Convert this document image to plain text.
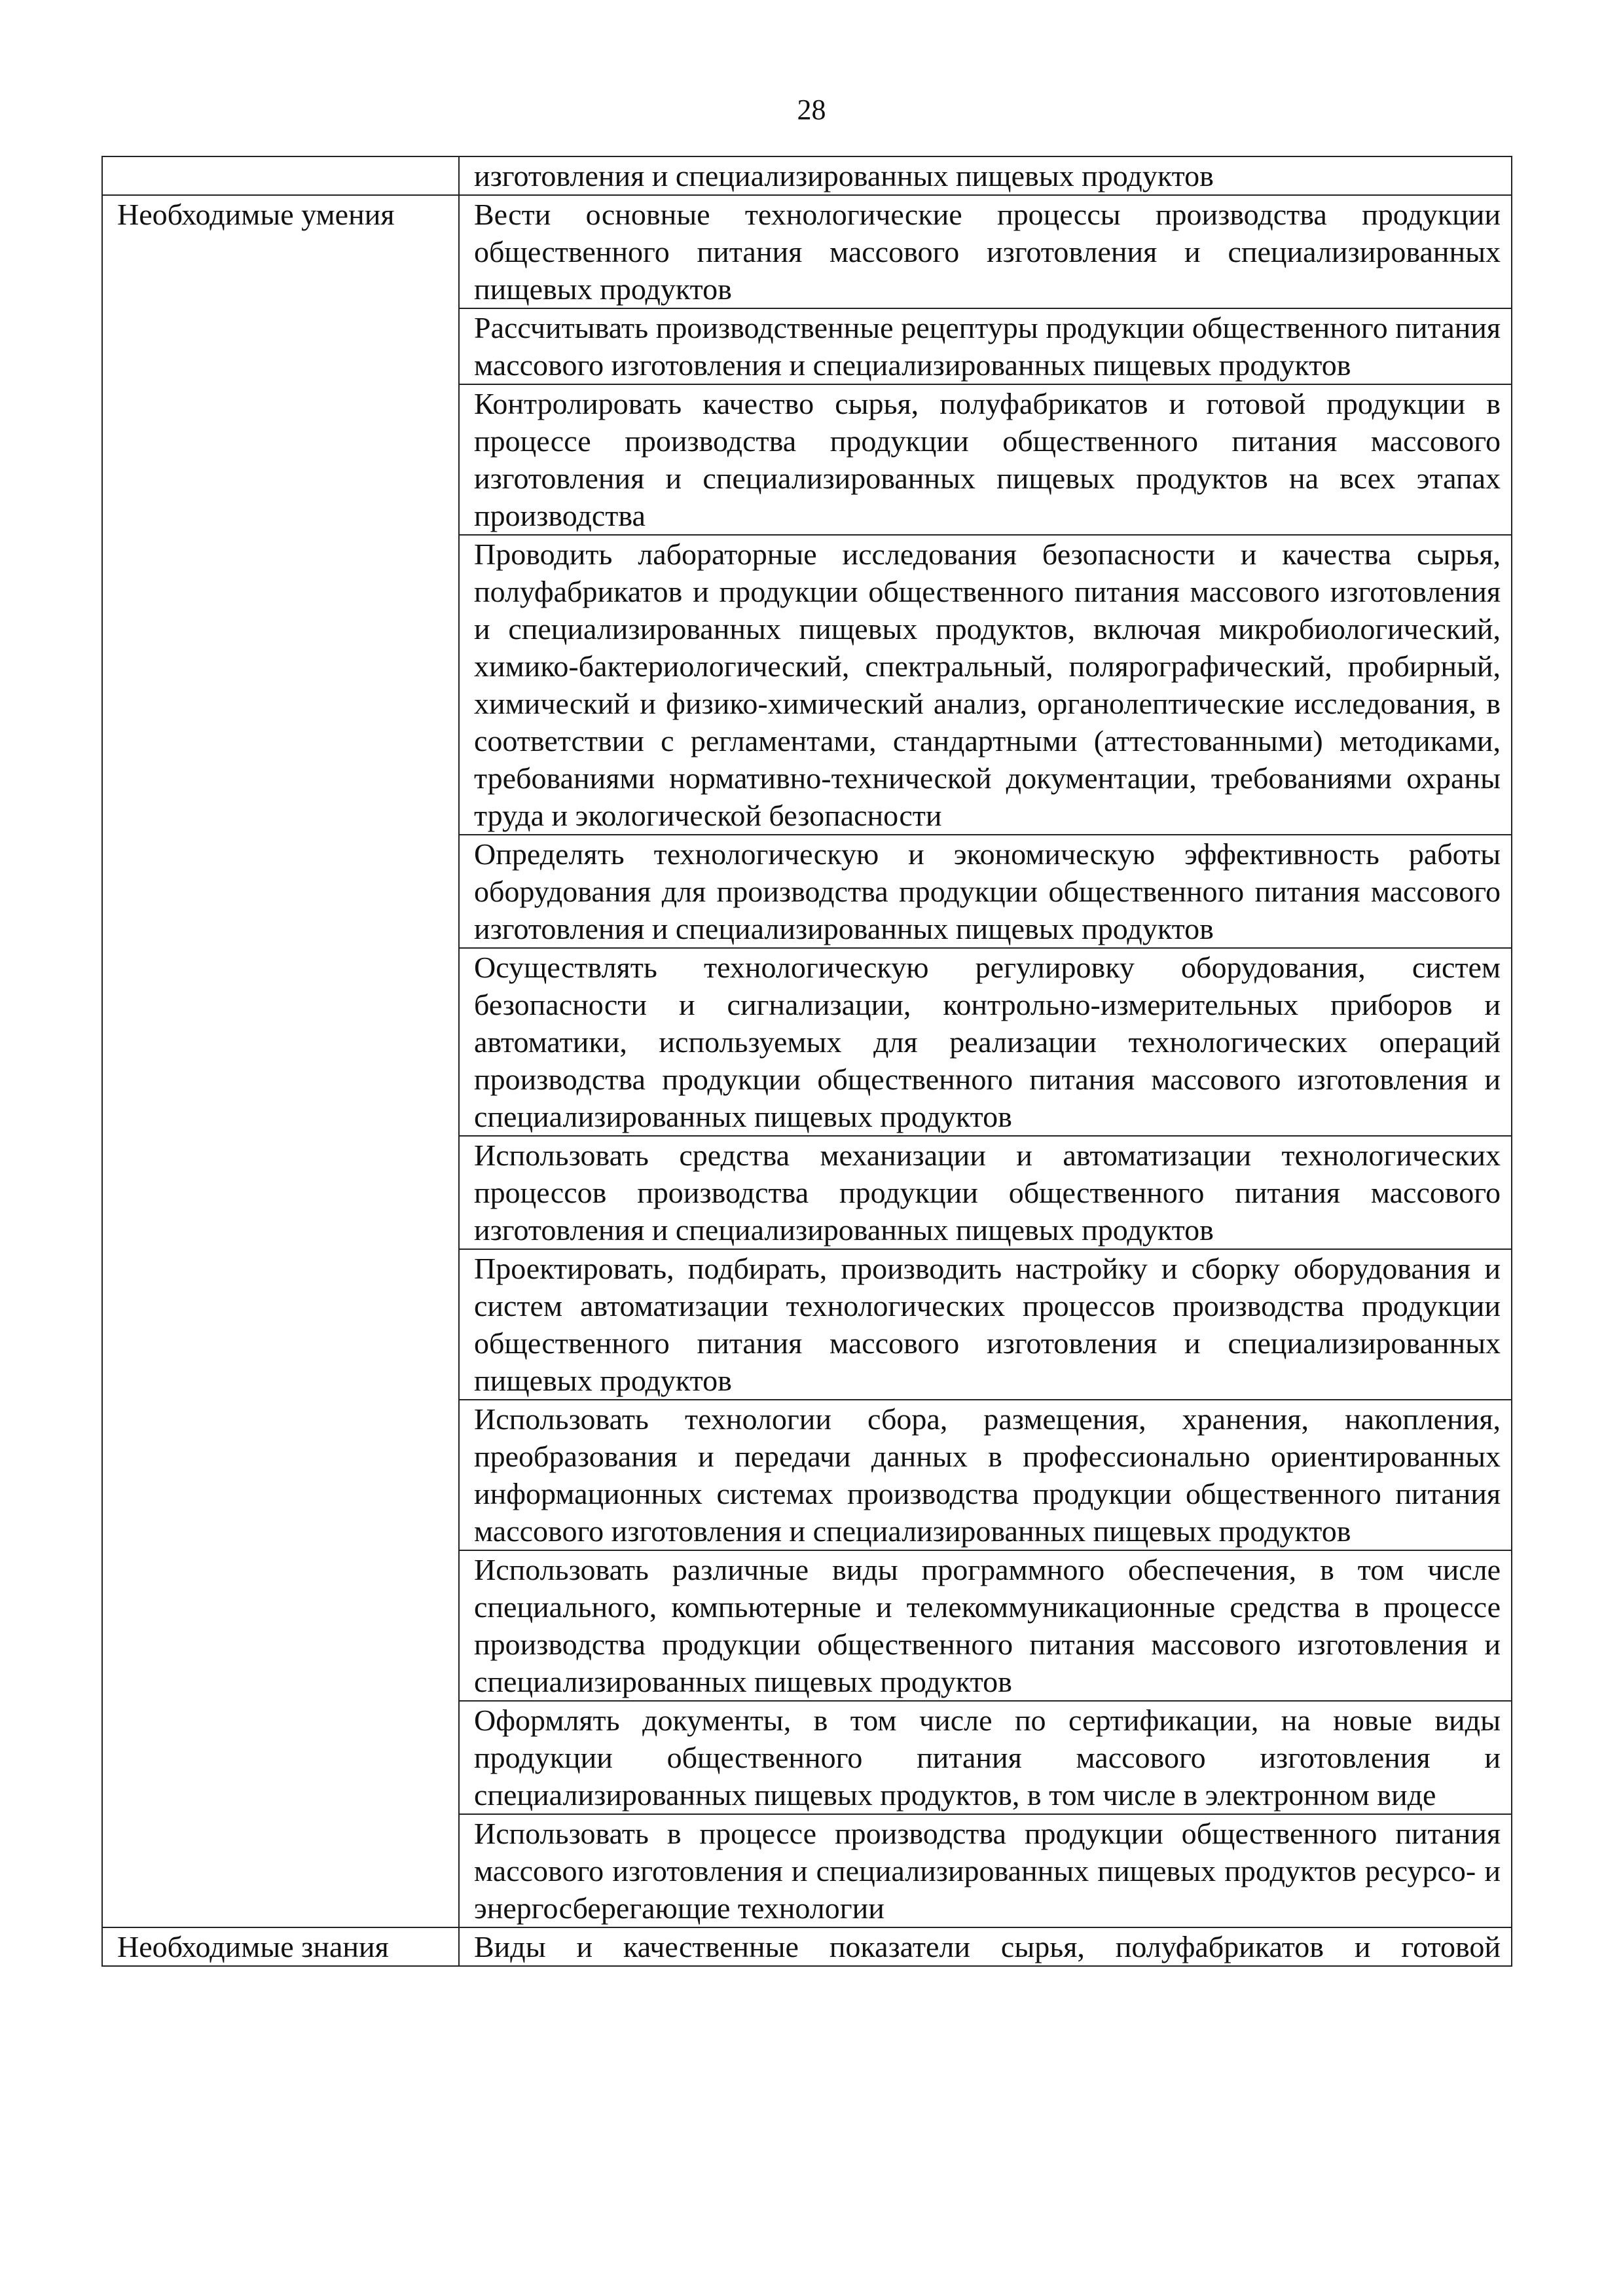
28

	изготовления и специализированных пищевых продуктов

Необходимые умения	Вести основные технологические процессы производства продукции общественного питания массового изготовления и специализированных пищевых продуктов

	Рассчитывать производственные рецептуры продукции общественного питания массового изготовления и специализированных пищевых продуктов

	Контролировать качество сырья, полуфабрикатов и готовой продукции в процессе производства продукции общественного питания массового изготовления и специализированных пищевых продуктов на всех этапах производства

	Проводить лабораторные исследования безопасности и качества сырья, полуфабрикатов и продукции общественного питания массового изготовления и специализированных пищевых продуктов, включая микробиологический, химико-бактериологический, спектральный, полярографический, пробирный, химический и физико-химический анализ, органолептические исследования, в соответствии с регламентами, стандартными (аттестованными) методиками, требованиями нормативно-технической документации, требованиями охраны труда и экологической безопасности

	Определять технологическую и экономическую эффективность работы оборудования для производства продукции общественного питания массового изготовления и специализированных пищевых продуктов

	Осуществлять технологическую регулировку оборудования, систем безопасности и сигнализации, контрольно-измерительных приборов и автоматики, используемых для реализации технологических операций производства продукции общественного питания массового изготовления и специализированных пищевых продуктов

	Использовать средства механизации и автоматизации технологических процессов производства продукции общественного питания массового изготовления и специализированных пищевых продуктов

	Проектировать, подбирать, производить настройку и сборку оборудования и систем автоматизации технологических процессов производства продукции общественного питания массового изготовления и специализированных пищевых продуктов

	Использовать технологии сбора, размещения, хранения, накопления, преобразования и передачи данных в профессионально ориентированных информационных системах производства продукции общественного питания массового изготовления и специализированных пищевых продуктов

	Использовать различные виды программного обеспечения, в том числе специального, компьютерные и телекоммуникационные средства в процессе производства продукции общественного питания массового изготовления и специализированных пищевых продуктов

	Оформлять документы, в том числе по сертификации, на новые виды продукции общественного питания массового изготовления и специализированных пищевых продуктов, в том числе в электронном виде

	Использовать в процессе производства продукции общественного питания массового изготовления и специализированных пищевых продуктов ресурсо- и энергосберегающие технологии

Необходимые знания	Виды и качественные показатели сырья, полуфабрикатов и готовой
